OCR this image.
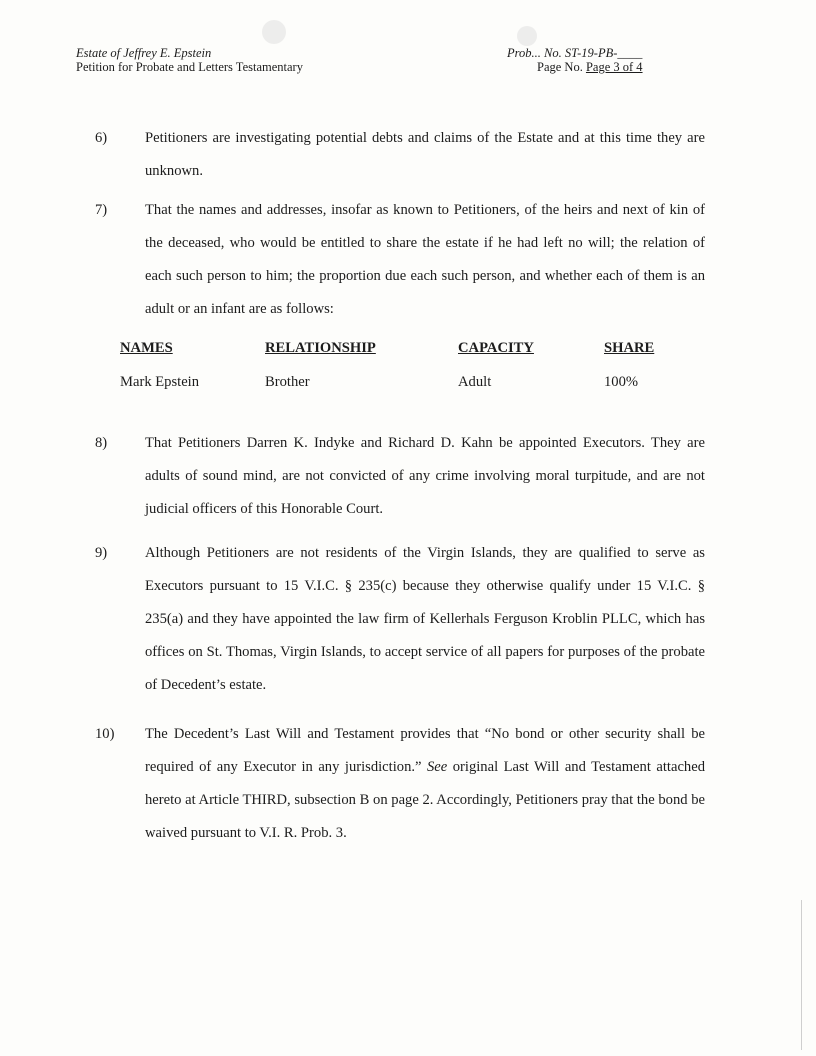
Estate of Jeffrey E. Epstein
Petition for Probate and Letters Testamentary
Prob... No. ST-19-PB-____
Page No. Page 3 of 4
6)	Petitioners are investigating potential debts and claims of the Estate and at this time they are unknown.
7)	That the names and addresses, insofar as known to Petitioners, of the heirs and next of kin of the deceased, who would be entitled to share the estate if he had left no will; the relation of each such person to him; the proportion due each such person, and whether each of them is an adult or an infant are as follows:
NAMES	RELATIONSHIP	CAPACITY	SHARE
Mark Epstein	Brother	Adult	100%
8)	That Petitioners Darren K. Indyke and Richard D. Kahn be appointed Executors. They are adults of sound mind, are not convicted of any crime involving moral turpitude, and are not judicial officers of this Honorable Court.
9)	Although Petitioners are not residents of the Virgin Islands, they are qualified to serve as Executors pursuant to 15 V.I.C. § 235(c) because they otherwise qualify under 15 V.I.C. § 235(a) and they have appointed the law firm of Kellerhals Ferguson Kroblin PLLC, which has offices on St. Thomas, Virgin Islands, to accept service of all papers for purposes of the probate of Decedent’s estate.
10) The Decedent’s Last Will and Testament provides that “No bond or other security shall be required of any Executor in any jurisdiction.” See original Last Will and Testament attached hereto at Article THIRD, subsection B on page 2. Accordingly, Petitioners pray that the bond be waived pursuant to V.I. R. Prob. 3.
